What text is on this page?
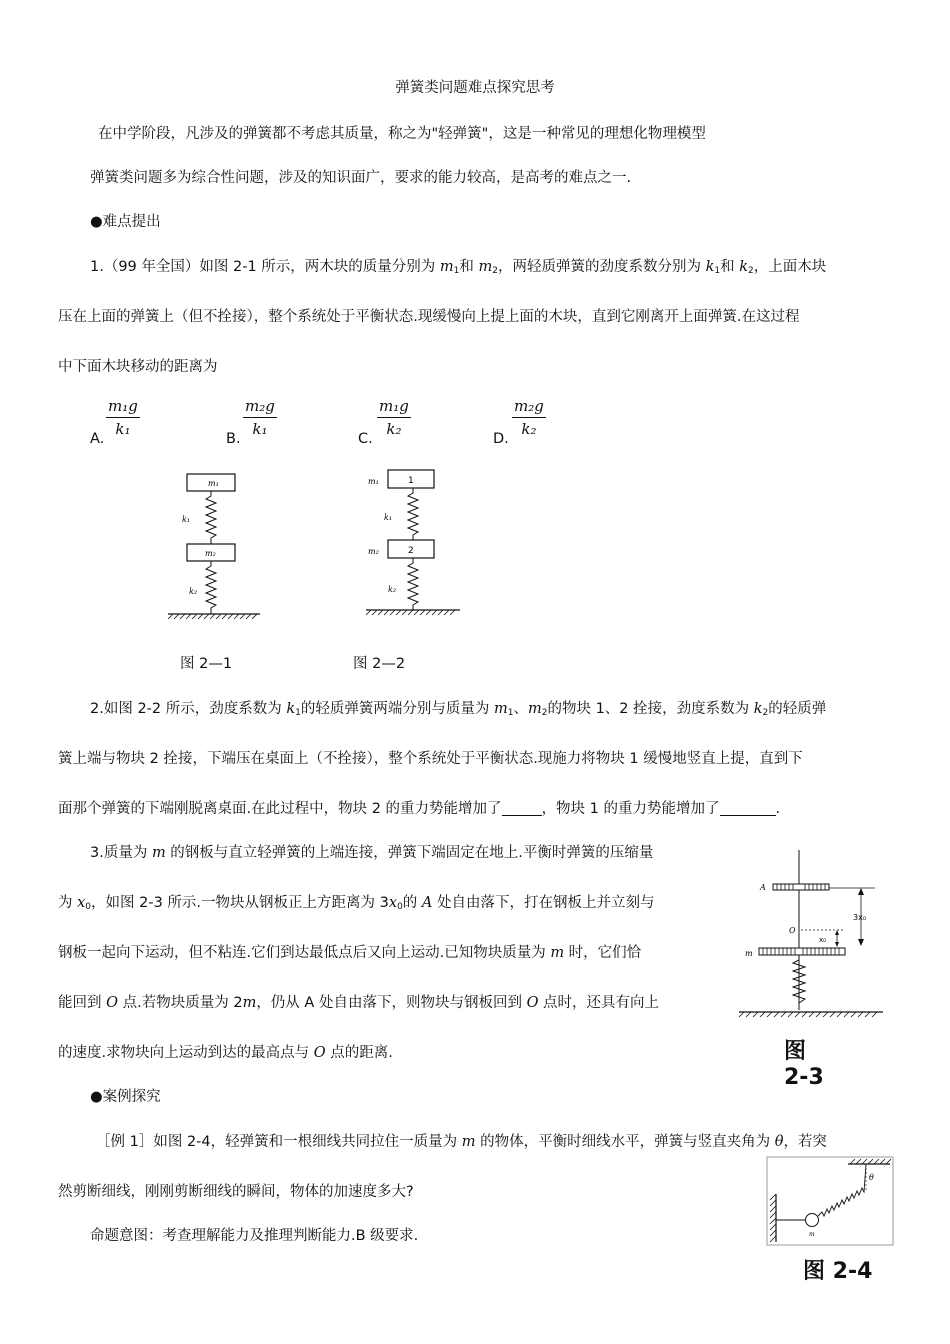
弹簧类问题难点探究思考
在中学阶段，凡涉及的弹簧都不考虑其质量，称之为"轻弹簧"，这是一种常见的理想化物理模型
弹簧类问题多为综合性问题，涉及的知识面广，要求的能力较高，是高考的难点之一.
●难点提出
1.（99 年全国）如图 2-1 所示，两木块的质量分别为 $m_1$和 $m_2$，两轻质弹簧的劲度系数分别为 $k_1$和 $k_2$，上面木块
压在上面的弹簧上（但不拴接），整个系统处于平衡状态.现缓慢向上提上面的木块，直到它刚离开上面弹簧.在这过程
中下面木块移动的距离为
A.
$\frac{\text{m₁g}}{\text{k₁}}$
B.
$\frac{\text{m₂g}}{\text{k₁}}$
C.
$\frac{\text{m₁g}}{\text{k₂}}$
D.
$\frac{\text{m₂g}}{\text{k₂}}$
m₁
k₁
m₂
k₂
1
m₁
k₁
2
m₂
k₂
图 2—1	图 2—2
2.如图 2-2 所示，劲度系数为 $k_1$的轻质弹簧两端分别与质量为 $m_1$、$m_2$的物块 1、2 拴接，劲度系数为 $k_2$的轻质弹
簧上端与物块 2 拴接，下端压在桌面上（不拴接），整个系统处于平衡状态.现施力将物块 1 缓慢地竖直上提，直到下
面那个弹簧的下端刚脱离桌面.在此过程中，物块 2 的重力势能增加了	，物块 1 的重力势能增加了	.
3.质量为 m 的钢板与直立轻弹簧的上端连接，弹簧下端固定在地上.平衡时弹簧的压缩量
为 $x_0$，如图 2-3 所示.一物块从钢板正上方距离为 $3x_0$的 A 处自由落下，打在钢板上并立刻与
钢板一起向下运动，但不粘连.它们到达最低点后又向上运动.已知物块质量为 m 时，它们恰
能回到 O 点.若物块质量为 2m，仍从 A 处自由落下，则物块与钢板回到 O 点时，还具有向上
的速度.求物块向上运动到达的最高点与 O 点的距离.
A
3x₀
O
x₀
m
图
2-3
●案例探究
［例 1］如图 2-4，轻弹簧和一根细线共同拉住一质量为 m 的物体，平衡时细线水平，弹簧与竖直夹角为 θ，若突
然剪断细线，刚刚剪断细线的瞬间，物体的加速度多大?
命题意图：考查理解能力及推理判断能力.B 级要求.
θ
m
图 2-4
